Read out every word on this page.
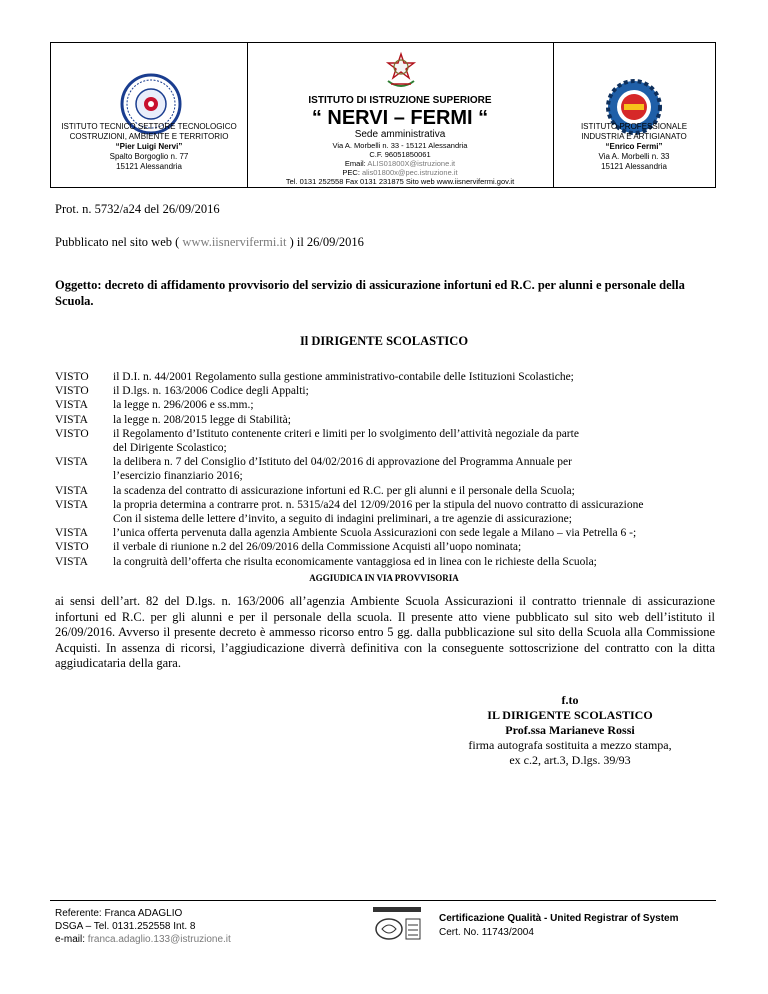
ISTITUTO TECNICO SETTORE TECNOLOGICO
COSTRUZIONI, AMBIENTE E TERRITORIO
“Pier Luigi Nervi”
Spalto Borgoglio n. 77
15121 Alessandria
ISTITUTO DI ISTRUZIONE SUPERIORE
“ NERVI – FERMI “
Sede amministrativa
Via A. Morbelli n. 33 - 15121 Alessandria
C.F. 96051850061
Email: ALIS01800X@istruzione.it
PEC: alis01800x@pec.istruzione.it
Tel. 0131 252558 Fax 0131 231875 Sito web www.iisnervifermi.gov.it
ISTITUTO PROFESSIONALE
INDUSTRIA E ARTIGIANATO
“Enrico Fermi”
Via A. Morbelli n. 33
15121 Alessandria
Prot. n. 5732/a24 del 26/09/2016
Pubblicato nel sito web ( www.iisnervifermi.it ) il 26/09/2016
Oggetto: decreto di affidamento provvisorio del servizio di assicurazione infortuni ed R.C. per alunni e personale della Scuola.
Il DIRIGENTE SCOLASTICO
VISTO	il D.I. n. 44/2001 Regolamento sulla gestione amministrativo-contabile delle Istituzioni Scolastiche;
VISTO	il D.lgs. n. 163/2006 Codice degli Appalti;
VISTA	la legge n. 296/2006 e ss.mm.;
VISTA	la legge n. 208/2015 legge di Stabilità;
VISTO	il Regolamento d’Istituto contenente criteri e limiti per lo svolgimento dell’attività negoziale da parte
del Dirigente Scolastico;
VISTA	la delibera n. 7 del Consiglio d’Istituto del 04/02/2016 di approvazione del Programma Annuale per
l’esercizio finanziario 2016;
VISTA	la scadenza del contratto di assicurazione infortuni ed R.C. per gli alunni e il personale della Scuola;
VISTA	la propria determina a contrarre prot. n. 5315/a24 del 12/09/2016 per la stipula del nuovo contratto di assicurazione
Con il sistema delle lettere d’invito, a seguito di indagini preliminari, a tre agenzie di assicurazione;
VISTA	l’unica offerta pervenuta dalla agenzia Ambiente Scuola Assicurazioni con sede legale a Milano – via Petrella 6 -;
VISTO	il verbale di riunione n.2 del 26/09/2016 della Commissione Acquisti all’uopo nominata;
VISTA	la congruità dell’offerta che risulta economicamente vantaggiosa ed in linea con le richieste della Scuola;
AGGIUDICA IN VIA PROVVISORIA
ai sensi dell’art. 82 del D.lgs. n. 163/2006 all’agenzia Ambiente Scuola Assicurazioni il contratto triennale di assicurazione infortuni ed R.C. per gli alunni e per il personale della scuola. Il presente atto viene pubblicato sul sito web dell’istituto il 26/09/2016. Avverso il presente decreto è ammesso ricorso entro 5 gg. dalla pubblicazione sul sito della Scuola alla Commissione Acquisti. In assenza di ricorsi, l’aggiudicazione diverrà definitiva con la conseguente sottoscrizione del contratto con la ditta aggiudicataria della gara.
f.to
IL DIRIGENTE SCOLASTICO
Prof.ssa Marianeve Rossi
firma autografa sostituita a mezzo stampa,
ex c.2, art.3, D.lgs. 39/93
Referente: Franca ADAGLIO
DSGA – Tel. 0131.252558 Int. 8
e-mail: franca.adaglio.133@istruzione.it
Certificazione Qualità - United Registrar of System
Cert. No. 11743/2004
